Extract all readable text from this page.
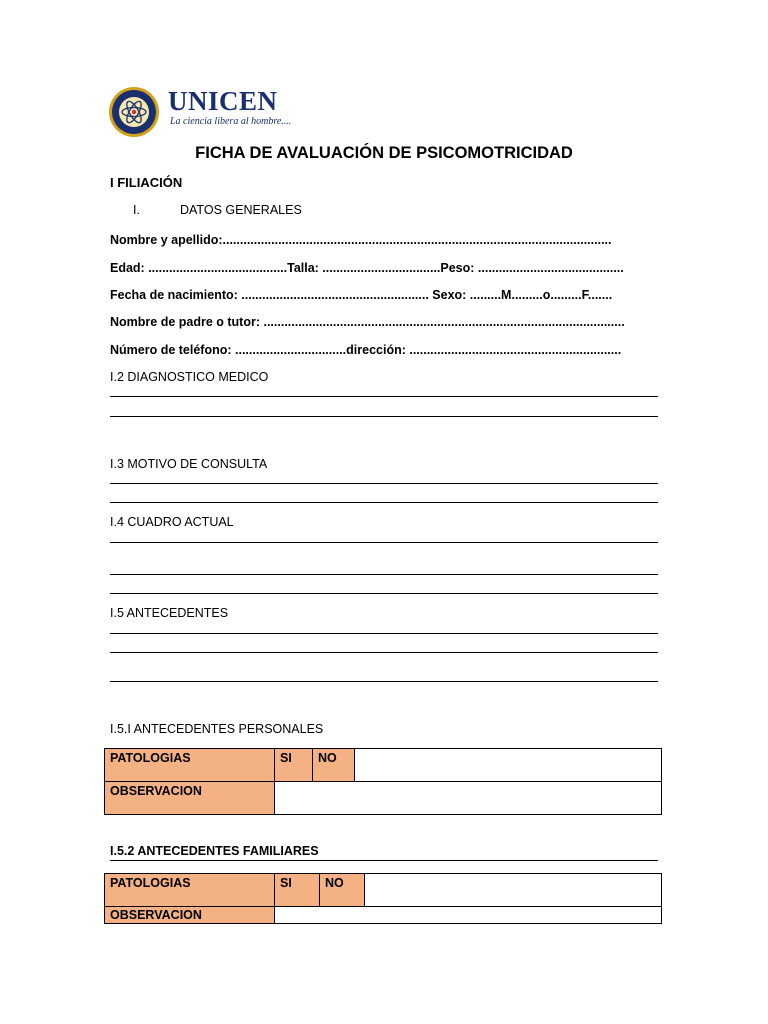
UNICEN
La ciencia libera al hombre....
FICHA DE AVALUACIÓN DE PSICOMOTRICIDAD
I FILIACIÓN
I.	DATOS GENERALES
Nombre y apellido:................................................................................................................
Edad: ........................................Talla: ..................................Peso: ..........................................
Fecha de nacimiento: ...................................................... Sexo: .........M.........o.........F.......
Nombre de padre o tutor: ........................................................................................................
Número de teléfono: ................................dirección: .............................................................
I.2 DIAGNOSTICO MEDICO
I.3 MOTIVO DE CONSULTA
I.4 CUADRO ACTUAL
I.5 ANTECEDENTES
I.5.I ANTECEDENTES PERSONALES
PATOLOGIAS	SI	NO	
OBSERVACION			
I.5.2 ANTECEDENTES FAMILIARES
PATOLOGIAS	SI	NO	
OBSERVACION			
